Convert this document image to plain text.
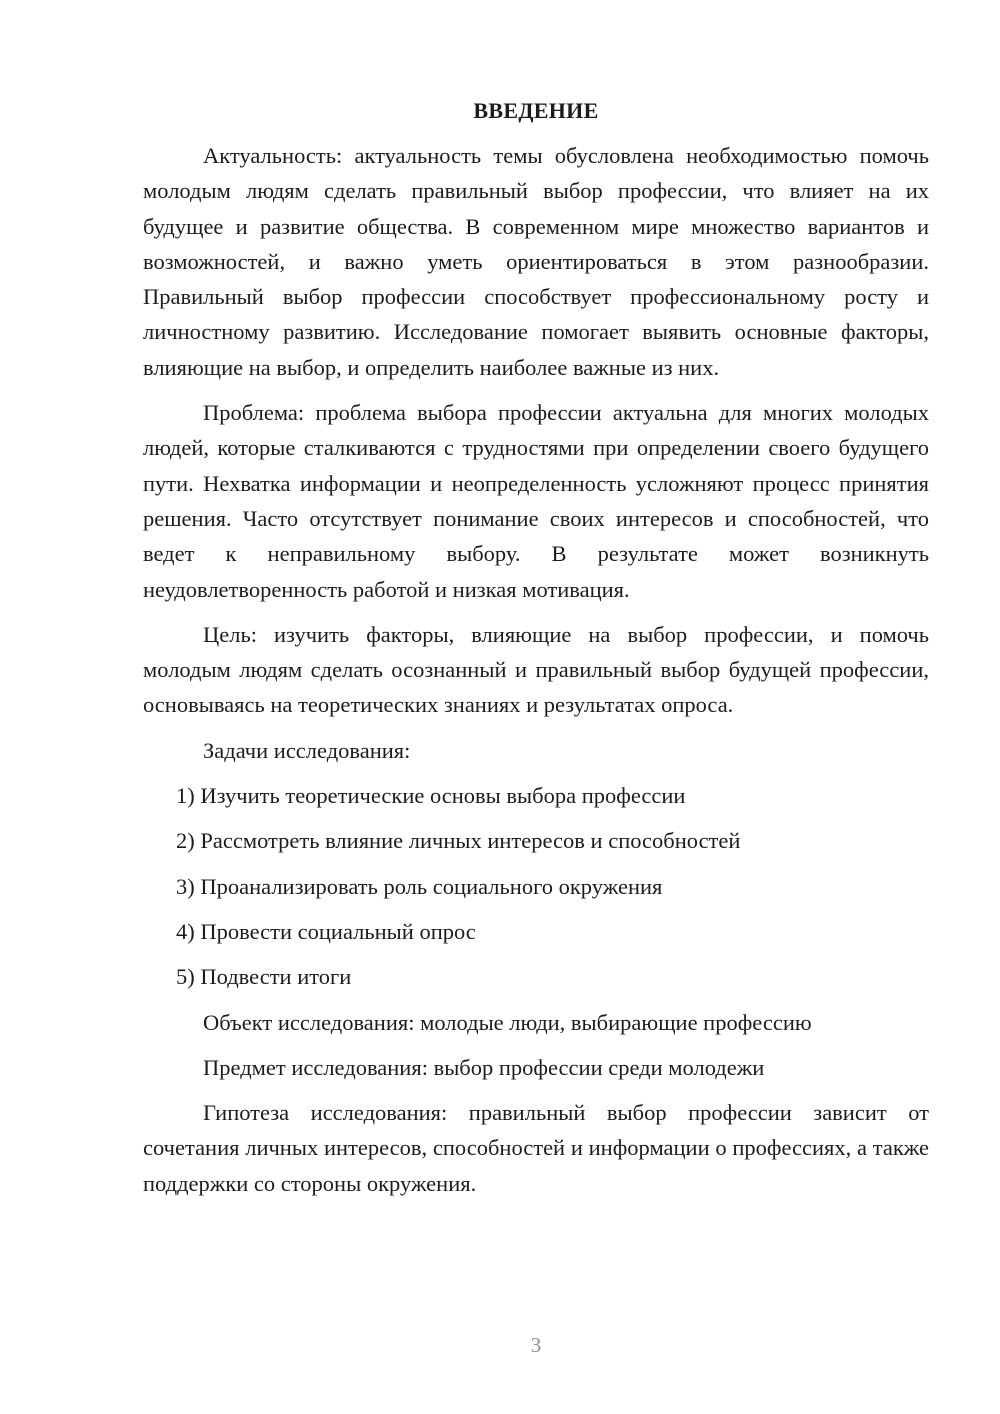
ВВЕДЕНИЕ

Актуальность: актуальность темы обусловлена необходимостью помочь молодым людям сделать правильный выбор профессии, что влияет на их будущее и развитие общества. В современном мире множество вариантов и возможностей, и важно уметь ориентироваться в этом разнообразии. Правильный выбор профессии способствует профессиональному росту и личностному развитию. Исследование помогает выявить основные факторы, влияющие на выбор, и определить наиболее важные из них.

Проблема: проблема выбора профессии актуальна для многих молодых людей, которые сталкиваются с трудностями при определении своего будущего пути. Нехватка информации и неопределенность усложняют процесс принятия решения. Часто отсутствует понимание своих интересов и способностей, что ведет к неправильному выбору. В результате может возникнуть неудовлетворенность работой и низкая мотивация.

Цель: изучить факторы, влияющие на выбор профессии, и помочь молодым людям сделать осознанный и правильный выбор будущей профессии, основываясь на теоретических знаниях и результатах опроса.

Задачи исследования:
1) Изучить теоретические основы выбора профессии
2) Рассмотреть влияние личных интересов и способностей
3) Проанализировать роль социального окружения
4) Провести социальный опрос
5) Подвести итоги
Объект исследования: молодые люди, выбирающие профессию
Предмет исследования: выбор профессии среди молодежи

Гипотеза исследования: правильный выбор профессии зависит от сочетания личных интересов, способностей и информации о профессиях, а также поддержки со стороны окружения.

3
